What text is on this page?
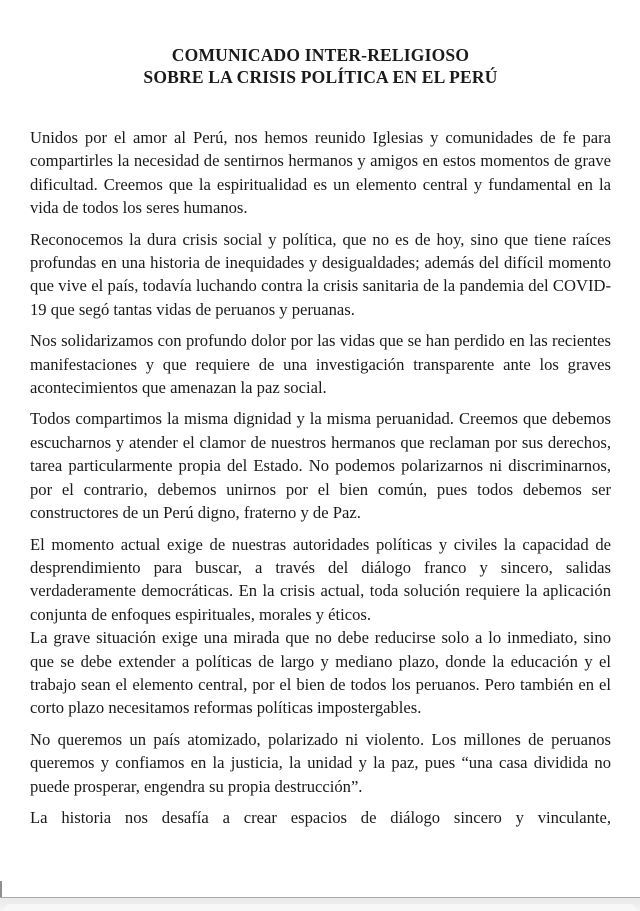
COMUNICADO INTER-RELIGIOSO
SOBRE LA CRISIS POLÍTICA EN EL PERÚ

Unidos por el amor al Perú, nos hemos reunido Iglesias y comunidades de fe para compartirles la necesidad de sentirnos hermanos y amigos en estos momentos de grave dificultad. Creemos que la espiritualidad es un elemento central y fundamental en la vida de todos los seres humanos.

Reconocemos la dura crisis social y política, que no es de hoy, sino que tiene raíces profundas en una historia de inequidades y desigualdades; además del difícil momento que vive el país, todavía luchando contra la crisis sanitaria de la pandemia del COVID-19 que segó tantas vidas de peruanos y peruanas.

Nos solidarizamos con profundo dolor por las vidas que se han perdido en las recientes manifestaciones y que requiere de una investigación transparente ante los graves acontecimientos que amenazan la paz social.

Todos compartimos la misma dignidad y la misma peruanidad. Creemos que debemos escucharnos y atender el clamor de nuestros hermanos que reclaman por sus derechos, tarea particularmente propia del Estado. No podemos polarizarnos ni discriminarnos, por el contrario, debemos unirnos por el bien común, pues todos debemos ser constructores de un Perú digno, fraterno y de Paz.

El momento actual exige de nuestras autoridades políticas y civiles la capacidad de desprendimiento para buscar, a través del diálogo franco y sincero, salidas verdaderamente democráticas. En la crisis actual, toda solución requiere la aplicación conjunta de enfoques espirituales, morales y éticos.

La grave situación exige una mirada que no debe reducirse solo a lo inmediato, sino que se debe extender a políticas de largo y mediano plazo, donde la educación y el trabajo sean el elemento central, por el bien de todos los peruanos. Pero también en el corto plazo necesitamos reformas políticas impostergables.

No queremos un país atomizado, polarizado ni violento. Los millones de peruanos queremos y confiamos en la justicia, la unidad y la paz, pues “una casa dividida no puede prosperar, engendra su propia destrucción”.

La historia nos desafía a crear espacios de diálogo sincero y vinculante,
